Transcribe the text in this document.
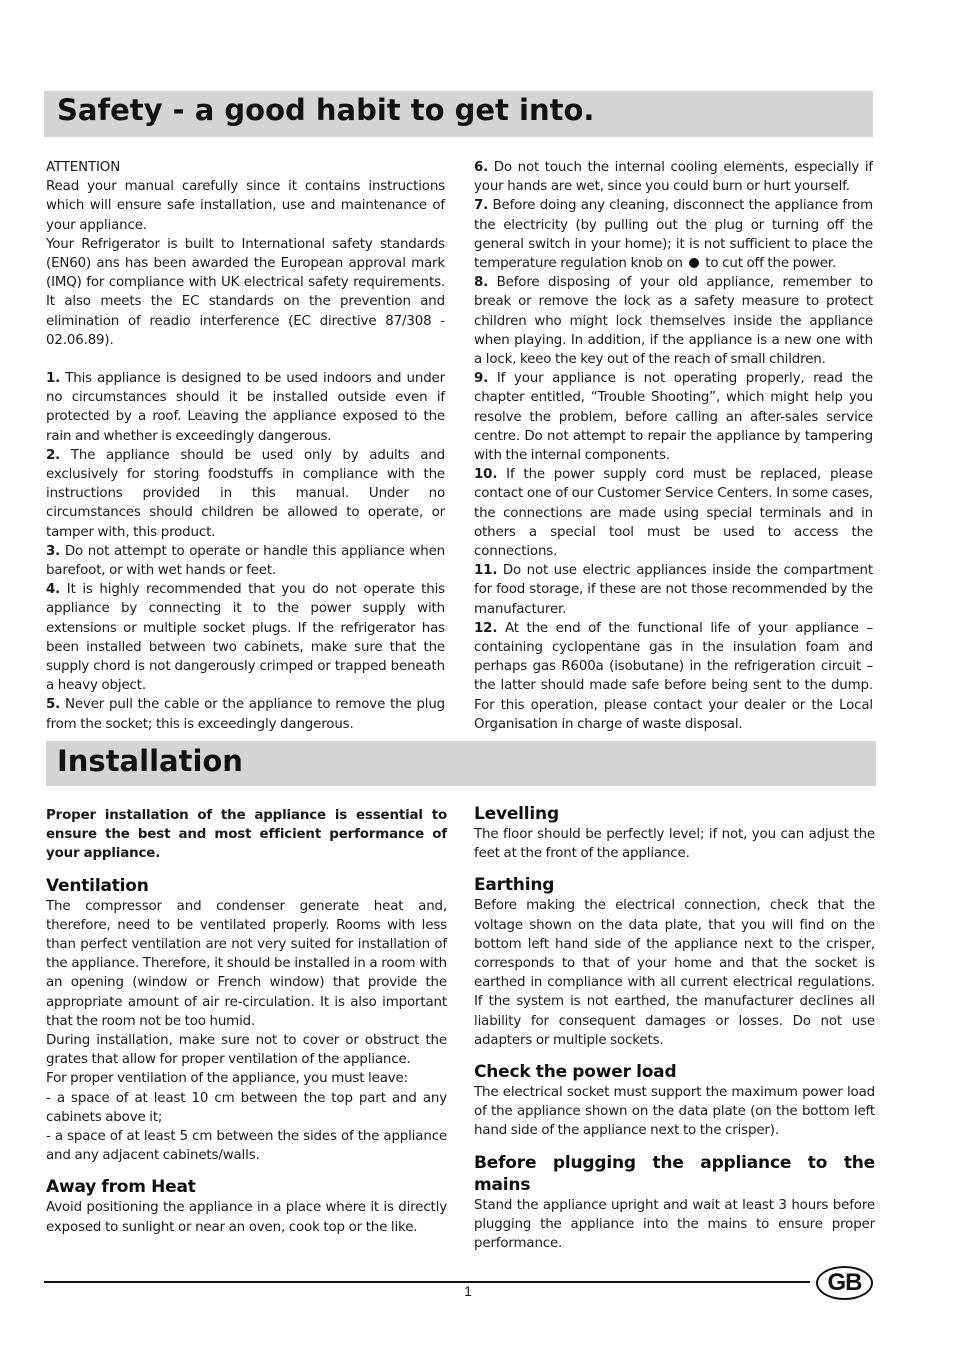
Safety - a good habit to get into.

ATTENTION

Read your manual carefully since it contains instructions which will ensure safe installation, use and maintenance of your appliance.

Your Refrigerator is built to International safety standards (EN60) ans has been awarded the European approval mark (IMQ) for compliance with UK electrical safety requirements. It also meets the EC standards on the prevention and elimination of readio interference (EC directive 87/308 - 02.06.89).

1. This appliance is designed to be used indoors and under no circumstances should it be installed outside even if protected by a roof. Leaving the appliance exposed to the rain and whether is exceedingly dangerous.

2. The appliance should be used only by adults and exclusively for storing foodstuffs in compliance with the instructions provided in this manual. Under no circumstances should children be allowed to operate, or tamper with, this product.

3. Do not attempt to operate or handle this appliance when barefoot, or with wet hands or feet.

4. It is highly recommended that you do not operate this appliance by connecting it to the power supply with extensions or multiple socket plugs. If the refrigerator has been installed between two cabinets, make sure that the supply chord is not dangerously crimped or trapped beneath a heavy object.

5. Never pull the cable or the appliance to remove the plug from the socket; this is exceedingly dangerous.

6. Do not touch the internal cooling elements, especially if your hands are wet, since you could burn or hurt yourself.

7. Before doing any cleaning, disconnect the appliance from the electricity (by pulling out the plug or turning off the general switch in your home); it is not sufficient to place the temperature regulation knob on  to cut off the power.

8. Before disposing of your old appliance, remember to break or remove the lock as a safety measure to protect children who might lock themselves inside the appliance when playing. In addition, if the appliance is a new one with a lock, keeo the key out of the reach of small children.

9. If your appliance is not operating properly, read the chapter entitled, “Trouble Shooting”, which might help you resolve the problem, before calling an after-sales service centre. Do not attempt to repair the appliance by tampering with the internal components.

10. If the power supply cord must be replaced, please contact one of our Customer Service Centers. In some cases, the connections are made using special terminals and in others a special tool must be used to access the connections.

11. Do not use electric appliances inside the compartment for food storage, if these are not those recommended by the manufacturer.

12. At the end of the functional life of your appliance – containing cyclopentane gas in the insulation foam and perhaps gas R600a (isobutane) in the refrigeration circuit – the latter should made safe before being sent to the dump. For this operation, please contact your dealer or the Local Organisation in charge of waste disposal.

Installation

Proper installation of the appliance is essential to ensure the best and most efficient performance of your appliance.

Ventilation

The compressor and condenser generate heat and, therefore, need to be ventilated properly. Rooms with less than perfect ventilation are not very suited for installation of the appliance. Therefore, it should be installed in a room with an opening (window or French window) that provide the appropriate amount of air re-circulation. It is also important that the room not be too humid.

During installation, make sure not to cover or obstruct the grates that allow for proper ventilation of the appliance.

For proper ventilation of the appliance, you must leave:

- a space of at least 10 cm between the top part and any cabinets above it;

- a space of at least 5 cm between the sides of the appliance and any adjacent cabinets/walls.

Away from Heat

Avoid positioning the appliance in a place where it is directly exposed to sunlight or near an oven, cook top or the like.

Levelling

The floor should be perfectly level; if not, you can adjust the feet at the front of the appliance.

Earthing

Before making the electrical connection, check that the voltage shown on the data plate, that you will find on the bottom left hand side of the appliance next to the crisper, corresponds to that of your home and that the socket is earthed in compliance with all current electrical regulations. If the system is not earthed, the manufacturer declines all liability for consequent damages or losses. Do not use adapters or multiple sockets.

Check the power load

The electrical socket must support the maximum power load of the appliance shown on the data plate (on the bottom left hand side of the appliance next to the crisper).

Before plugging the appliance to the mains

Stand the appliance upright and wait at least 3 hours before plugging the appliance into the mains to ensure proper performance.

1	GB
